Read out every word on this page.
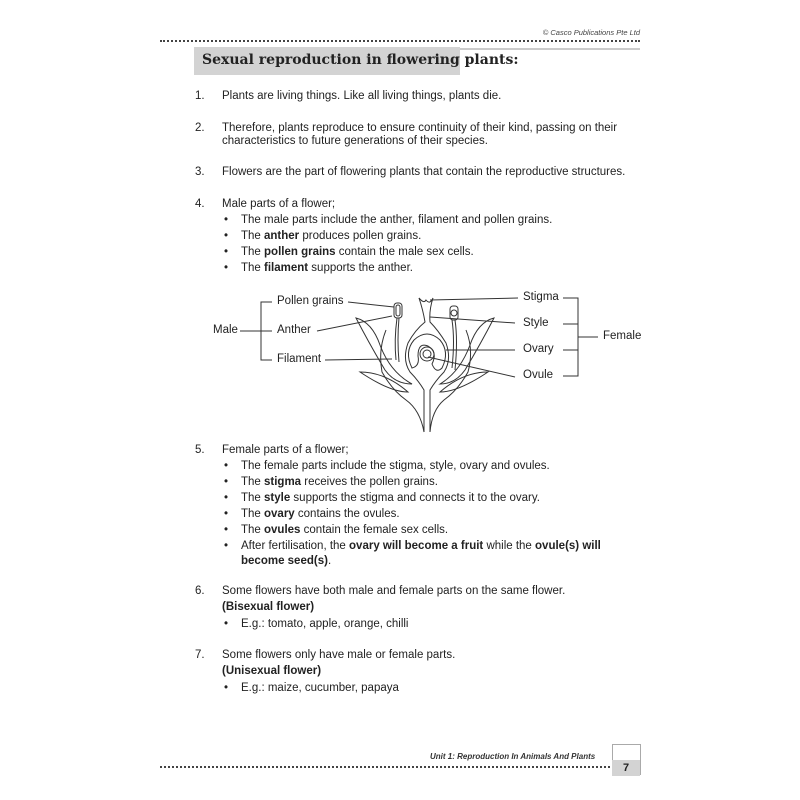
© Casco Publications Pte Ltd
Sexual reproduction in flowering plants:
1. Plants are living things. Like all living things, plants die.
2. Therefore, plants reproduce to ensure continuity of their kind, passing on their characteristics to future generations of their species.
3. Flowers are the part of flowering plants that contain the reproductive structures.
4. Male parts of a flower;
• The male parts include the anther, filament and pollen grains.
• The anther produces pollen grains.
• The pollen grains contain the male sex cells.
• The filament supports the anther.
Male
Pollen grains
Anther
Filament
Stigma
Style
Ovary
Ovule
Female
5. Female parts of a flower;
• The female parts include the stigma, style, ovary and ovules.
• The stigma receives the pollen grains.
• The style supports the stigma and connects it to the ovary.
• The ovary contains the ovules.
• The ovules contain the female sex cells.
• After fertilisation, the ovary will become a fruit while the ovule(s) will become seed(s).
6. Some flowers have both male and female parts on the same flower.
(Bisexual flower)
• E.g.: tomato, apple, orange, chilli
7. Some flowers only have male or female parts.
(Unisexual flower)
• E.g.: maize, cucumber, papaya
Unit 1: Reproduction In Animals And Plants
7
